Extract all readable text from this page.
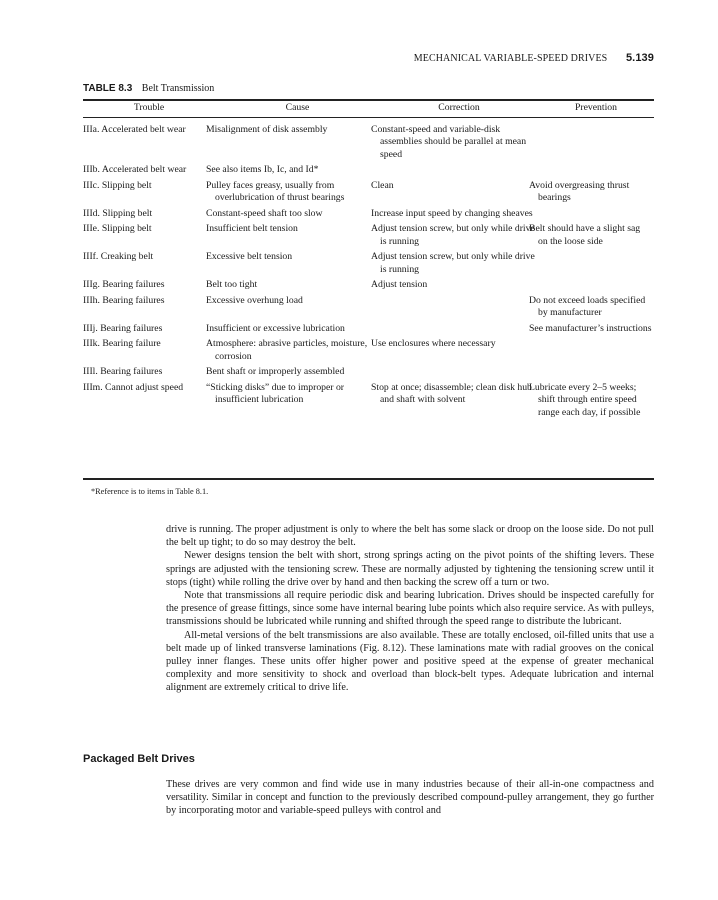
MECHANICAL VARIABLE-SPEED DRIVES 5.139
TABLE 8.3 Belt Transmission
Trouble	Cause	Correction	Prevention
IIIa. Accelerated belt wear	Misalignment of disk assembly	Constant-speed and variable-disk assemblies should be parallel at mean speed	
IIIb. Accelerated belt wear	See also items Ib, Ic, and Id*		
IIIc. Slipping belt	Pulley faces greasy, usually from overlubrication of thrust bearings	Clean	Avoid overgreasing thrust bearings
IIId. Slipping belt	Constant-speed shaft too slow	Increase input speed by changing sheaves	
IIIe. Slipping belt	Insufficient belt tension	Adjust tension screw, but only while drive is running	Belt should have a slight sag on the loose side
IIIf. Creaking belt	Excessive belt tension	Adjust tension screw, but only while drive is running	
IIIg. Bearing failures	Belt too tight	Adjust tension	
IIIh. Bearing failures	Excessive overhung load		Do not exceed loads specified by manufacturer
IIIj. Bearing failures	Insufficient or excessive lubrication		See manufacturer’s instructions
IIIk. Bearing failure	Atmosphere: abrasive particles, moisture, corrosion	Use enclosures where necessary	
IIIl. Bearing failures	Bent shaft or improperly assembled		
IIIm. Cannot adjust speed	“Sticking disks” due to improper or insufficient lubrication	Stop at once; disassemble; clean disk hub and shaft with solvent	Lubricate every 2–5 weeks; shift through entire speed range each day, if possible
*Reference is to items in Table 8.1.

drive is running. The proper adjustment is only to where the belt has some slack or droop on the loose side. Do not pull the belt up tight; to do so may destroy the belt.

Newer designs tension the belt with short, strong springs acting on the pivot points of the shifting levers. These springs are adjusted with the tensioning screw. These are normally adjusted by tightening the tensioning screw until it stops (tight) while rolling the drive over by hand and then backing the screw off a turn or two.

Note that transmissions all require periodic disk and bearing lubrication. Drives should be inspected carefully for the presence of grease fittings, since some have internal bearing lube points which also require service. As with pulleys, transmissions should be lubricated while running and shifted through the speed range to distribute the lubricant.

All-metal versions of the belt transmissions are also available. These are totally enclosed, oil-filled units that use a belt made up of linked transverse laminations (Fig. 8.12). These laminations mate with radial grooves on the conical pulley inner flanges. These units offer higher power and positive speed at the expense of greater mechanical complexity and more sensitivity to shock and overload than block-belt types. Adequate lubrication and internal alignment are extremely critical to drive life.

Packaged Belt Drives

These drives are very common and find wide use in many industries because of their all-in-one compactness and versatility. Similar in concept and function to the previously described compound-pulley arrangement, they go further by incorporating motor and variable-speed pulleys with control and
